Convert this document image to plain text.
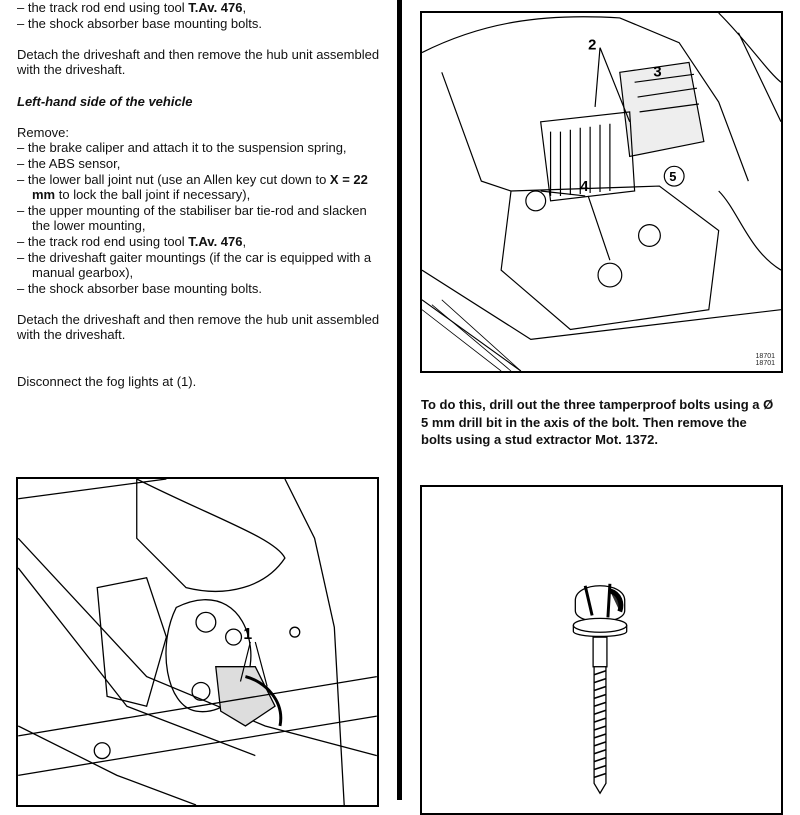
– the track rod end using tool T.Av. 476,

– the shock absorber base mounting bolts.

Detach the driveshaft and then remove the hub unit assembled with the driveshaft.

Left-hand side of the vehicle

Remove:

– the brake caliper and attach it to the suspension spring,

– the ABS sensor,

– the lower ball joint nut (use an Allen key cut down to X = 22 mm to lock the ball joint if necessary),

– the upper mounting of the stabiliser bar tie-rod and slacken the lower mounting,

– the track rod end using tool T.Av. 476,

– the driveshaft gaiter mountings (if the car is equipped with a manual gearbox),

– the shock absorber base mounting bolts.

Detach the driveshaft and then remove the hub unit assembled with the driveshaft.

Disconnect the fog lights at (1).

1
2
3
4
5
18701
18701

To do this, drill out the three tamperproof bolts using a Ø 5 mm drill bit in the axis of the bolt. Then remove the bolts using a stud extractor Mot. 1372.
